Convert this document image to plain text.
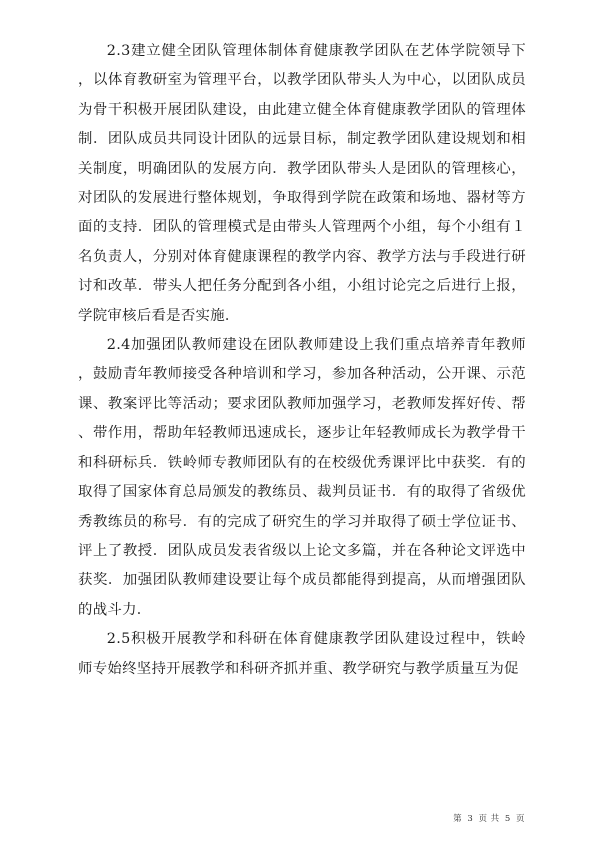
2.3建立健全团队管理体制体育健康教学团队在艺体学院领导下，以体育教研室为管理平台，以教学团队带头人为中心，以团队成员为骨干积极开展团队建设，由此建立健全体育健康教学团队的管理体制．团队成员共同设计团队的远景目标，制定教学团队建设规划和相关制度，明确团队的发展方向．教学团队带头人是团队的管理核心，对团队的发展进行整体规划，争取得到学院在政策和场地、器材等方面的支持．团队的管理模式是由带头人管理两个小组，每个小组有１名负责人，分别对体育健康课程的教学内容、教学方法与手段进行研讨和改革．带头人把任务分配到各小组，小组讨论完之后进行上报，学院审核后看是否实施．

2.4加强团队教师建设在团队教师建设上我们重点培养青年教师，鼓励青年教师接受各种培训和学习，参加各种活动，公开课、示范课、教案评比等活动；要求团队教师加强学习，老教师发挥好传、帮、带作用，帮助年轻教师迅速成长，逐步让年轻教师成长为教学骨干和科研标兵．铁岭师专教师团队有的在校级优秀课评比中获奖．有的取得了国家体育总局颁发的教练员、裁判员证书．有的取得了省级优秀教练员的称号．有的完成了研究生的学习并取得了硕士学位证书、评上了教授．团队成员发表省级以上论文多篇，并在各种论文评选中获奖．加强团队教师建设要让每个成员都能得到提高，从而增强团队的战斗力．

2.5积极开展教学和科研在体育健康教学团队建设过程中，铁岭师专始终坚持开展教学和科研齐抓并重、教学研究与教学质量互为促

第 3 页 共 5 页
